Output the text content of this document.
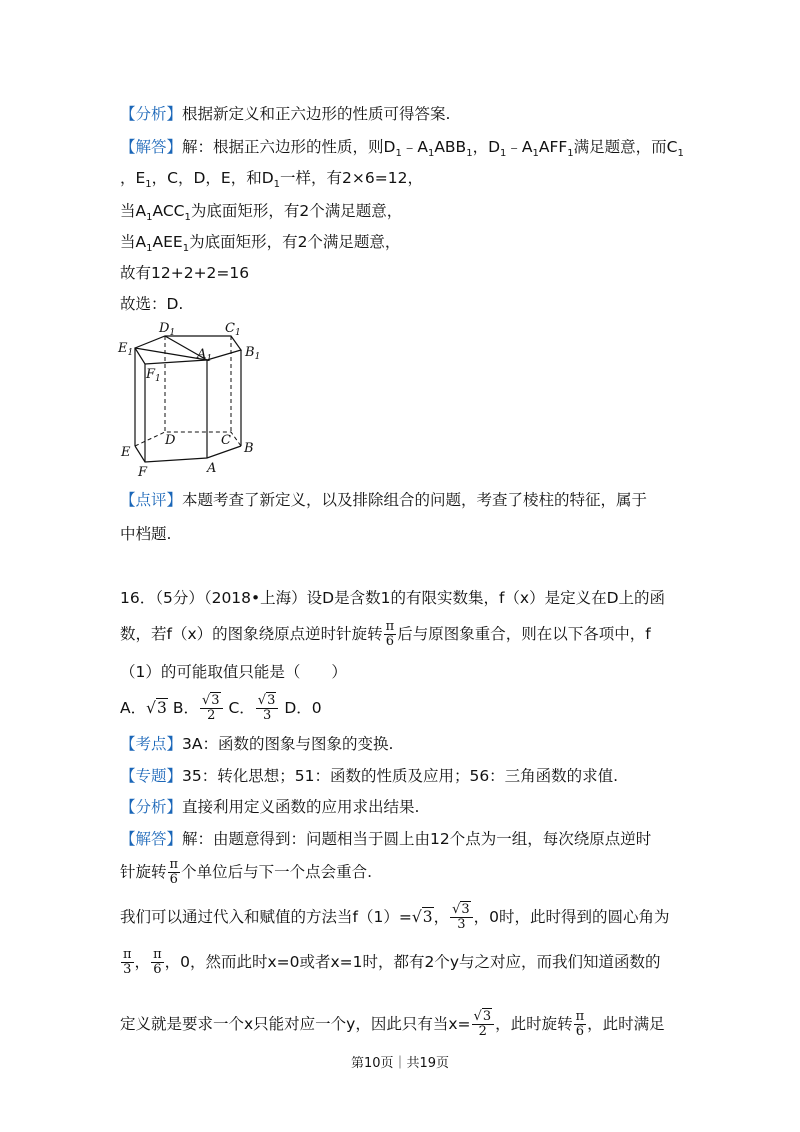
【分析】根据新定义和正六边形的性质可得答案.
【解答】解：根据正六边形的性质，则$D_1﹣A_1ABB_1$，$D_1﹣A_1AFF_1$满足题意，而$C_1$
，$E_1$，C，D，E，和$D_1$一样，有2×6=12，
当$A_1ACC_1$为底面矩形，有2个满足题意，
当$A_1AEE_1$为底面矩形，有2个满足题意，
故有12+2+2=16
故选：D.
$D_1$	$C_1$
$E_1$	$A_1$	$B_1$
$F_1$
D	C
E	B
F	A
【点评】本题考查了新定义，以及排除组合的问题，考查了棱柱的特征，属于
中档题.
16．（5分）（2018•上海）设D是含数1的有限实数集，f（x）是定义在D上的函
数，若f（x）的图象绕原点逆时针旋转 $\frac{\pi}{6}$ 后与原图象重合，则在以下各项中，f
（1）的可能取值只能是（　　）
A．√3 B． $\frac{√3}{2}$ C． $\frac{√3}{3}$ D．0
【考点】3A：函数的图象与图象的变换.
【专题】35：转化思想；51：函数的性质及应用；56：三角函数的求值.
【分析】直接利用定义函数的应用求出结果.
【解答】解：由题意得到：问题相当于圆上由12个点为一组，每次绕原点逆时
针旋转 $\frac{\pi}{6}$ 个单位后与下一个点会重合.
我们可以通过代入和赋值的方法当f（1）=√3， $\frac{√3}{3}$ ，0时，此时得到的圆心角为
$\frac{\pi}{3}$ ， $\frac{\pi}{6}$ ，0，然而此时x=0或者x=1时，都有2个y与之对应，而我们知道函数的
定义就是要求一个x只能对应一个y，因此只有当$x= \frac{√3}{2}$ ，此时旋转 $\frac{\pi}{6}$ ，此时满足
第10页｜共19页
